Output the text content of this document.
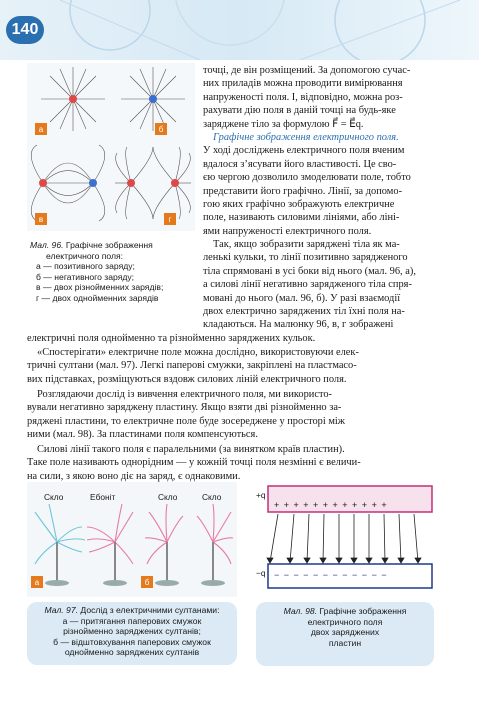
140
а	б
в	г
Мал. 96. Графічне зображення
електричного поля:
а — позитивного заряду;
б — негативного заряду;
в — двох різнойменних зарядів;
г — двох однойменних зарядів
точці, де він розміщений. За допомогою сучас-
них приладів можна проводити вимірювання
напруженості поля. І, відповідно, можна роз-
рахувати дію поля в даній точці на будь-яке
заряджене тіло за формулою F⃗ = E⃗q.
Графічне зображення електричного поля.
У ході досліджень електричного поля вченим
вдалося з’ясувати його властивості. Це сво-
єю чергою дозволило змоделювати поле, тобто
представити його графічно. Лінії, за допомо-
гою яких графічно зображують електричне
поле, називають силовими лініями, або ліні-
ями напруженості електричного поля.
Так, якщо зобразити заряджені тіла як ма-
ленькі кульки, то лінії позитивно зарядженого
тіла спрямовані в усі боки від нього (мал. 96, а),
а силові лінії негативно зарядженого тіла спря-
мовані до нього (мал. 96, б). У разі взаємодії
двох електрично заряджених тіл їхні поля на-
кладаються. На малюнку 96, в, г зображені
електричні поля однойменно та різнойменно заряджених кульок.
«Спостерігати» електричне поле можна дослідно, використовуючи елек-
тричні султани (мал. 97). Легкі паперові смужки, закріплені на пластмасо-
вих підставках, розміщуються вздовж силових ліній електричного поля.
Розглядаючи дослід із вивчення електричного поля, ми використо-
вували негативно заряджену пластину. Якщо взяти дві різнойменно за-
ряджені пластини, то електричне поле буде зосереджене у просторі між
ними (мал. 98). За пластинами поля компенсуються.
Силові лінії такого поля є паралельними (за винятком країв пластин).
Таке поле називають однорідним — у кожній точці поля незмінні є величи-
на сили, з якою воно діє на заряд, є однаковими.
Скло	Ебоніт	Скло	Скло
а	б
+q
−q
+ + + + + + + + + + + +
− − − − − − − − − − − −
Мал. 97. Дослід з електричними султанами:
а — притягання паперових смужок
різнойменно заряджених султанів;
б — відштовхування паперових смужок
однойменно заряджених султанів
Мал. 98. Графічне зображення
електричного поля
двох заряджених
пластин
